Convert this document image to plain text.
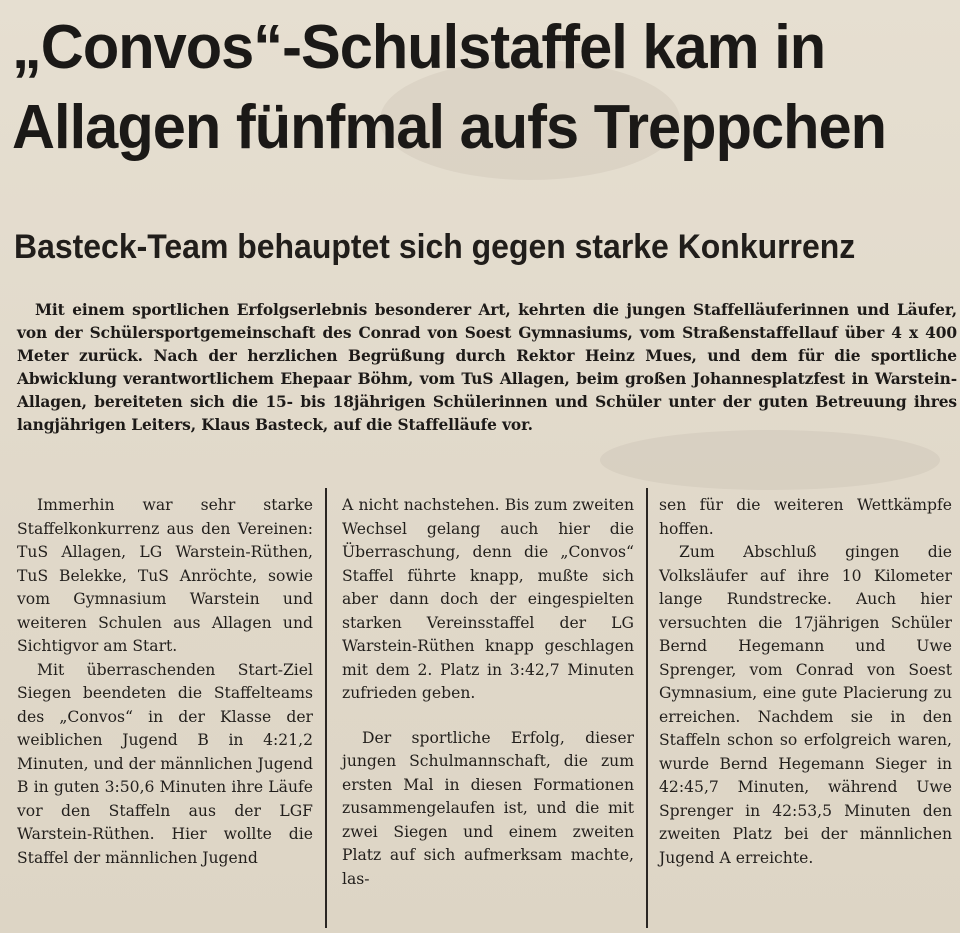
„Convos“-Schulstaffel kam in
Allagen fünfmal aufs Treppchen
Basteck-Team behauptet sich gegen starke Konkurrenz

Mit einem sportlichen Erfolgserlebnis besonderer Art, kehrten die jungen Staffelläuferinnen und Läufer, von der Schülersportgemeinschaft des Conrad von Soest Gymnasiums, vom Straßenstaffellauf über 4 x 400 Meter zurück. Nach der herzlichen Begrüßung durch Rektor Heinz Mues, und dem für die sportliche Abwicklung verantwortlichem Ehepaar Böhm, vom TuS Allagen, beim großen Johannesplatzfest in Warstein-Allagen, bereiteten sich die 15- bis 18jährigen Schülerinnen und Schüler unter der guten Betreuung ihres langjährigen Leiters, Klaus Basteck, auf die Staffelläufe vor.

Immerhin war sehr starke Staffelkonkurrenz aus den Vereinen: TuS Allagen, LG Warstein-Rüthen, TuS Belekke, TuS Anröchte, sowie vom Gymnasium Warstein und weiteren Schulen aus Allagen und Sichtigvor am Start.

Mit überraschenden Start-Ziel Siegen beendeten die Staffelteams des „Convos“ in der Klasse der weiblichen Jugend B in 4:21,2 Minuten, und der männlichen Jugend B in guten 3:50,6 Minuten ihre Läufe vor den Staffeln aus der LGF Warstein-Rüthen. Hier wollte die Staffel der männlichen Jugend

A nicht nachstehen. Bis zum zweiten Wechsel gelang auch hier die Überraschung, denn die „Convos“ Staffel führte knapp, mußte sich aber dann doch der eingespielten starken Vereinsstaffel der LG Warstein-Rüthen knapp geschlagen mit dem 2. Platz in 3:42,7 Minuten zufrieden geben.

Der sportliche Erfolg, dieser jungen Schulmannschaft, die zum ersten Mal in diesen Formationen zusammengelaufen ist, und die mit zwei Siegen und einem zweiten Platz auf sich aufmerksam machte, las-

sen für die weiteren Wettkämpfe hoffen.

Zum Abschluß gingen die Volksläufer auf ihre 10 Kilometer lange Rundstrecke. Auch hier versuchten die 17jährigen Schüler Bernd Hegemann und Uwe Sprenger, vom Conrad von Soest Gymnasium, eine gute Placierung zu erreichen. Nachdem sie in den Staffeln schon so erfolgreich waren, wurde Bernd Hegemann Sieger in 42:45,7 Minuten, während Uwe Sprenger in 42:53,5 Minuten den zweiten Platz bei der männlichen Jugend A erreichte.
